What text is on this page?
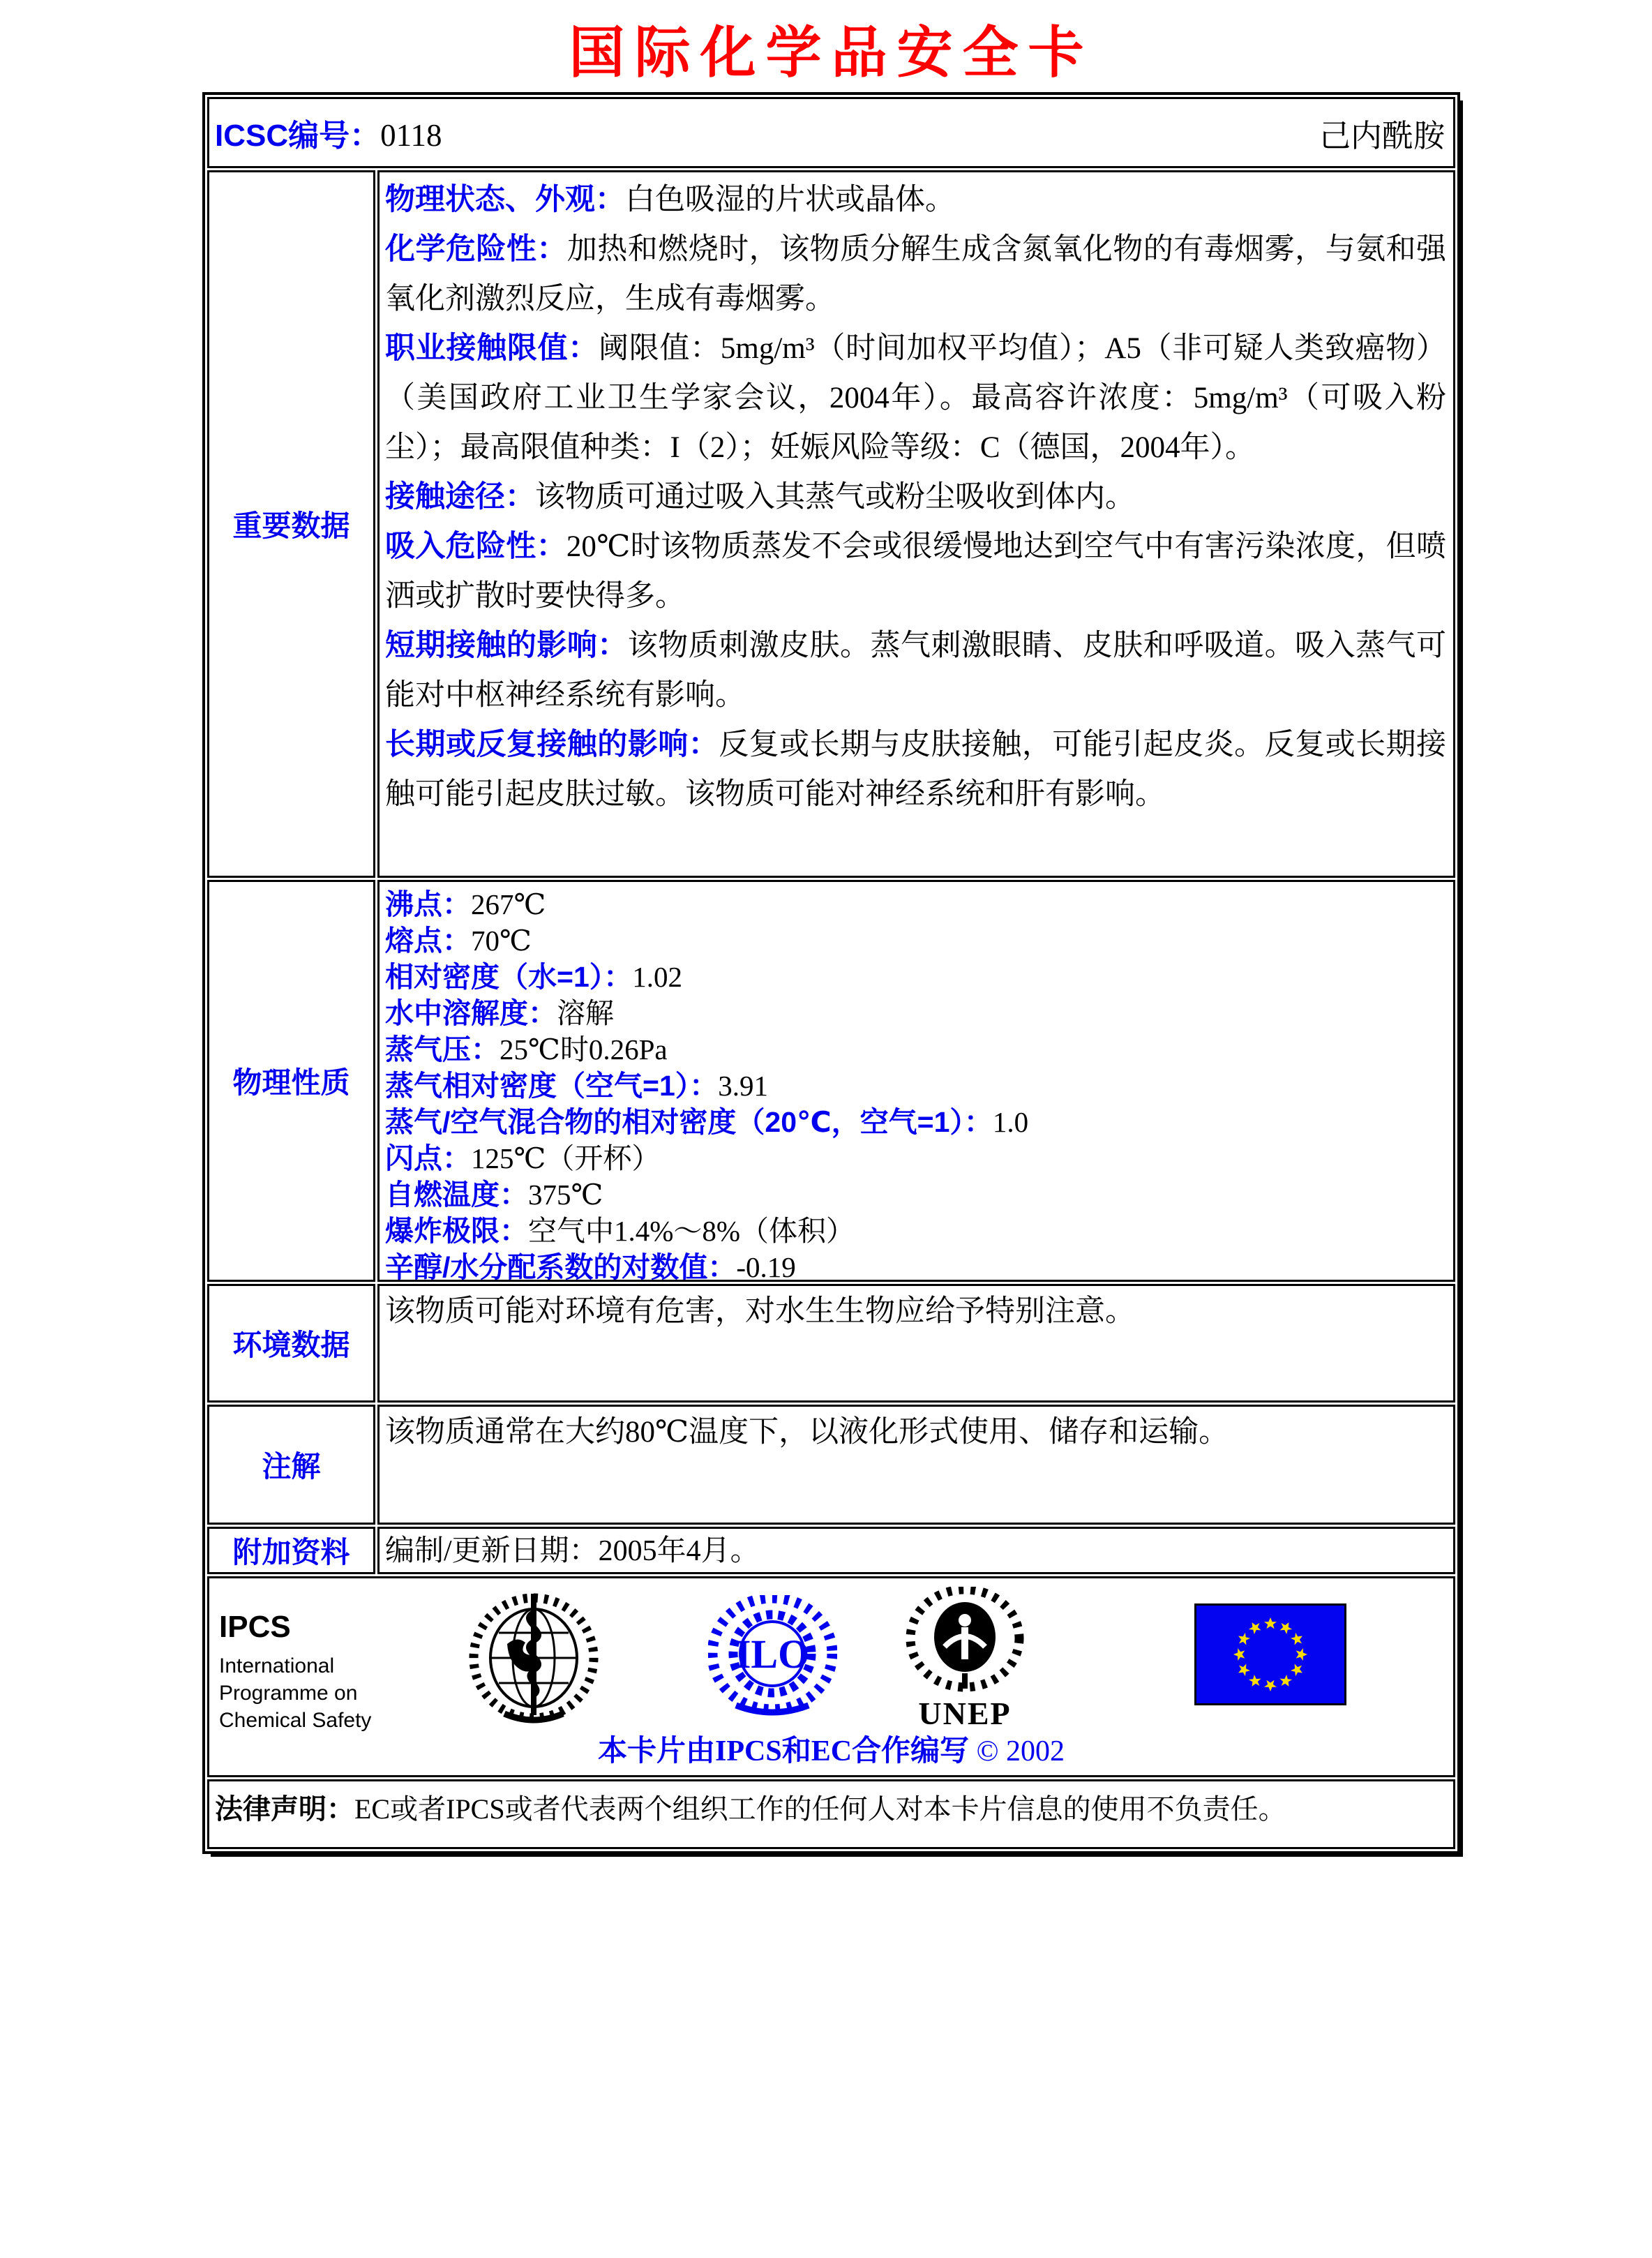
国际化学品安全卡
ICSC编号：0118	己内酰胺
重要数据

物理状态、外观：白色吸湿的片状或晶体。

化学危险性：加热和燃烧时，该物质分解生成含氮氧化物的有毒烟雾，与氨和强氧化剂激烈反应，生成有毒烟雾。

职业接触限值：阈限值：5mg/m³（时间加权平均值）；A5（非可疑人类致癌物）（美国政府工业卫生学家会议，2004年）。最高容许浓度：5mg/m³（可吸入粉尘）；最高限值种类：I（2）；妊娠风险等级：C（德国，2004年）。

接触途径：该物质可通过吸入其蒸气或粉尘吸收到体内。

吸入危险性：20℃时该物质蒸发不会或很缓慢地达到空气中有害污染浓度，但喷洒或扩散时要快得多。

短期接触的影响：该物质刺激皮肤。蒸气刺激眼睛、皮肤和呼吸道。吸入蒸气可能对中枢神经系统有影响。

长期或反复接触的影响：反复或长期与皮肤接触，可能引起皮炎。反复或长期接触可能引起皮肤过敏。该物质可能对神经系统和肝有影响。

物理性质

沸点：267℃

熔点：70℃

相对密度（水=1）：1.02

水中溶解度：溶解

蒸气压：25℃时0.26Pa

蒸气相对密度（空气=1）：3.91

蒸气/空气混合物的相对密度（20℃，空气=1）：1.0

闪点：125℃（开杯）

自燃温度：375℃

爆炸极限：空气中1.4%～8%（体积）

辛醇/水分配系数的对数值：-0.19

环境数据
该物质可能对环境有危害，对水生生物应给予特别注意。
注解
该物质通常在大约80℃温度下，以液化形式使用、储存和运输。
附加资料	编制/更新日期：2005年4月。
IPCS
International
Programme on
Chemical Safety
ILO
UNEP
本卡片由IPCS和EC合作编写 © 2002
法律声明：EC或者IPCS或者代表两个组织工作的任何人对本卡片信息的使用不负责任。
